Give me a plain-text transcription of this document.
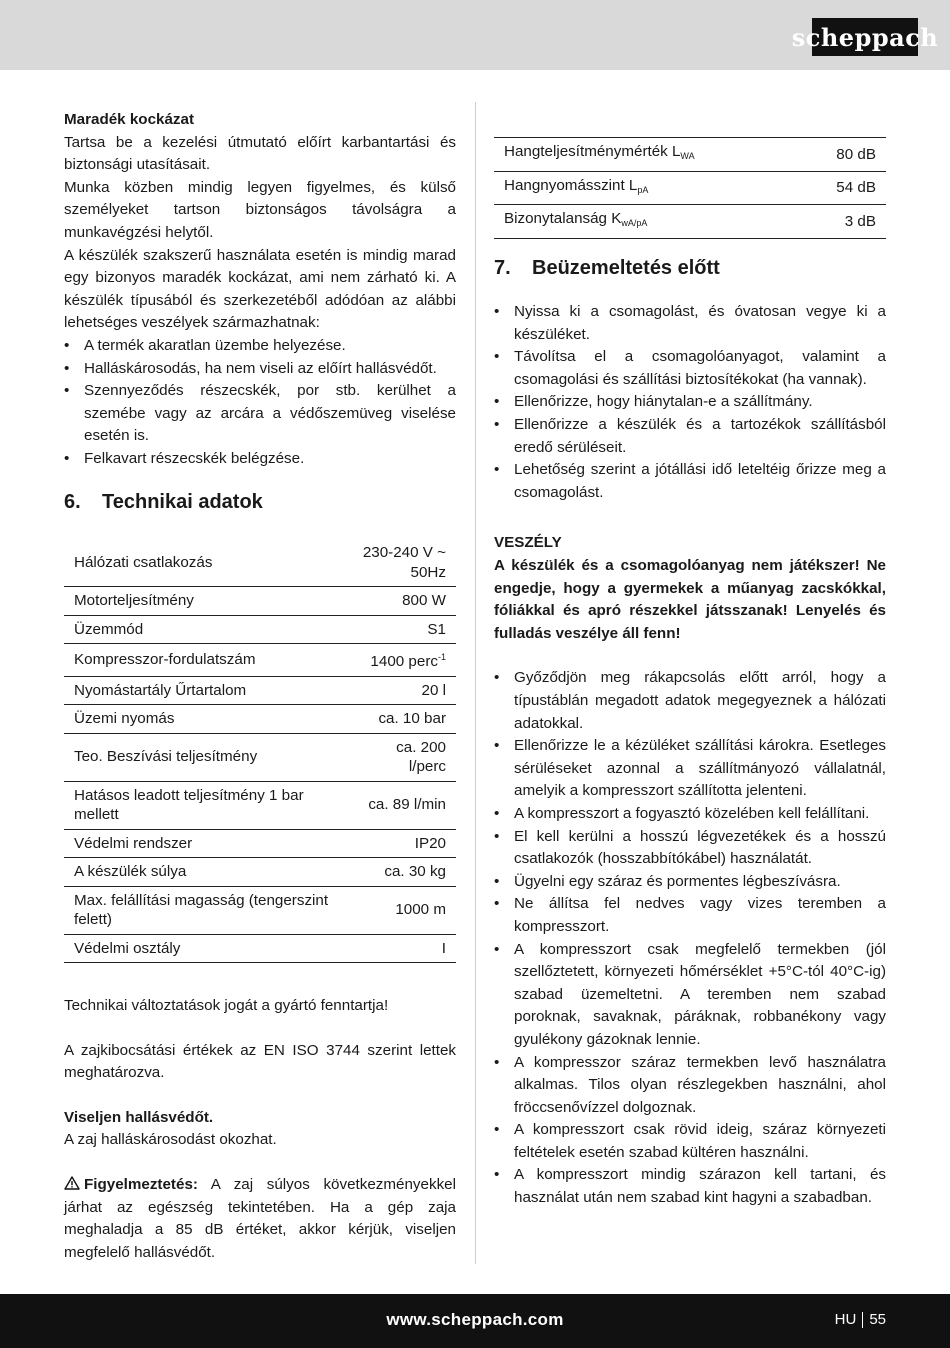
scheppach

Maradék kockázat

Tartsa be a kezelési útmutató előírt karbantartási és biztonsági utasításait.

Munka közben mindig legyen figyelmes, és külső személyeket tartson biztonságos távolságra a munkavégzési helytől.

A készülék szakszerű használata esetén is mindig marad egy bizonyos maradék kockázat, ami nem zárható ki. A készülék típusából és szerkezetéből adódóan az alábbi lehetséges veszélyek származhatnak:

• A termék akaratlan üzembe helyezése.
• Halláskárosodás, ha nem viseli az előírt hallásvédőt.
• Szennyeződés részecskék, por stb. kerülhet a szemébe vagy az arcára a védőszemüveg viselése esetén is.
• Felkavart részecskék belégzése.
6.	Technikai adatok
Hálózati csatlakozás	230-240 V ~ 50Hz
Motorteljesítmény	800 W
Üzemmód	S1
Kompresszor-fordulatszám	1400 perc$^{-1}$
Nyomástartály Űrtartalom	20 l
Üzemi nyomás	ca. 10 bar
Teo. Beszívási teljesítmény	ca. 200 l/perc
Hatásos leadott teljesítmény 1 bar mellett	ca. 89 l/min
Védelmi rendszer	IP20
A készülék súlya	ca. 30 kg
Max. felállítási magasság (tengerszint felett)	1000 m
Védelmi osztály	I

Technikai változtatások jogát a gyártó fenntartja!

A zajkibocsátási értékek az EN ISO 3744 szerint lettek meghatározva.

Viseljen hallásvédőt.

A zaj halláskárosodást okozhat.

Figyelmeztetés: A zaj súlyos következményekkel járhat az egészség tekintetében. Ha a gép zaja meghaladja a 85 dB értéket, akkor kérjük, viseljen megfelelő hallásvédőt.

Hangteljesítménymérték $L_{WA}$	80 dB
Hangnyomásszint $L_{pA}$	54 dB
Bizonytalanság $K_{wA/pA}$	3 dB
7.	Beüzemeltetés előtt
• Nyissa ki a csomagolást, és óvatosan vegye ki a készüléket.
• Távolítsa el a csomagolóanyagot, valamint a csomagolási és szállítási biztosítékokat (ha vannak).
• Ellenőrizze, hogy hiánytalan-e a szállítmány.
• Ellenőrizze a készülék és a tartozékok szállításból eredő sérüléseit.
• Lehetőség szerint a jótállási idő leteltéig őrizze meg a csomagolást.

VESZÉLY

A készülék és a csomagolóanyag nem játékszer! Ne engedje, hogy a gyermekek a műanyag zacskókkal, fóliákkal és apró részekkel játsszanak! Lenyelés és fulladás veszélye áll fenn!

• Győződjön meg rákapcsolás előtt arról, hogy a típustáblán megadott adatok megegyeznek a hálózati adatokkal.
• Ellenőrizze le a kézüléket szállítási károkra. Esetleges sérüléseket azonnal a szállítmányozó vállalatnál, amelyik a kompresszort szállította jelenteni.
• A kompresszort a fogyasztó közelében kell felállítani.
• El kell kerülni a hosszú légvezetékek és a hosszú csatlakozók (hosszabbítókábel) használatát.
• Ügyelni egy száraz és pormentes légbeszívásra.
• Ne állítsa fel nedves vagy vizes teremben a kompresszort.
• A kompresszort csak megfelelő termekben (jól szellőztetett, környezeti hőmérséklet +5°C-tól 40°C-ig) szabad üzemeltetni. A teremben nem szabad poroknak, savaknak, páráknak, robbanékony vagy gyulékony gázoknak lennie.
• A kompresszor száraz termekben levő használatra alkalmas. Tilos olyan részlegekben használni, ahol fröccsenővízzel dolgoznak.
• A kompresszort csak rövid ideig, száraz környezeti feltételek esetén szabad kültéren használni.
• A kompresszort mindig szárazon kell tartani, és használat után nem szabad kint hagyni a szabadban.
www.scheppach.com	HU 55
